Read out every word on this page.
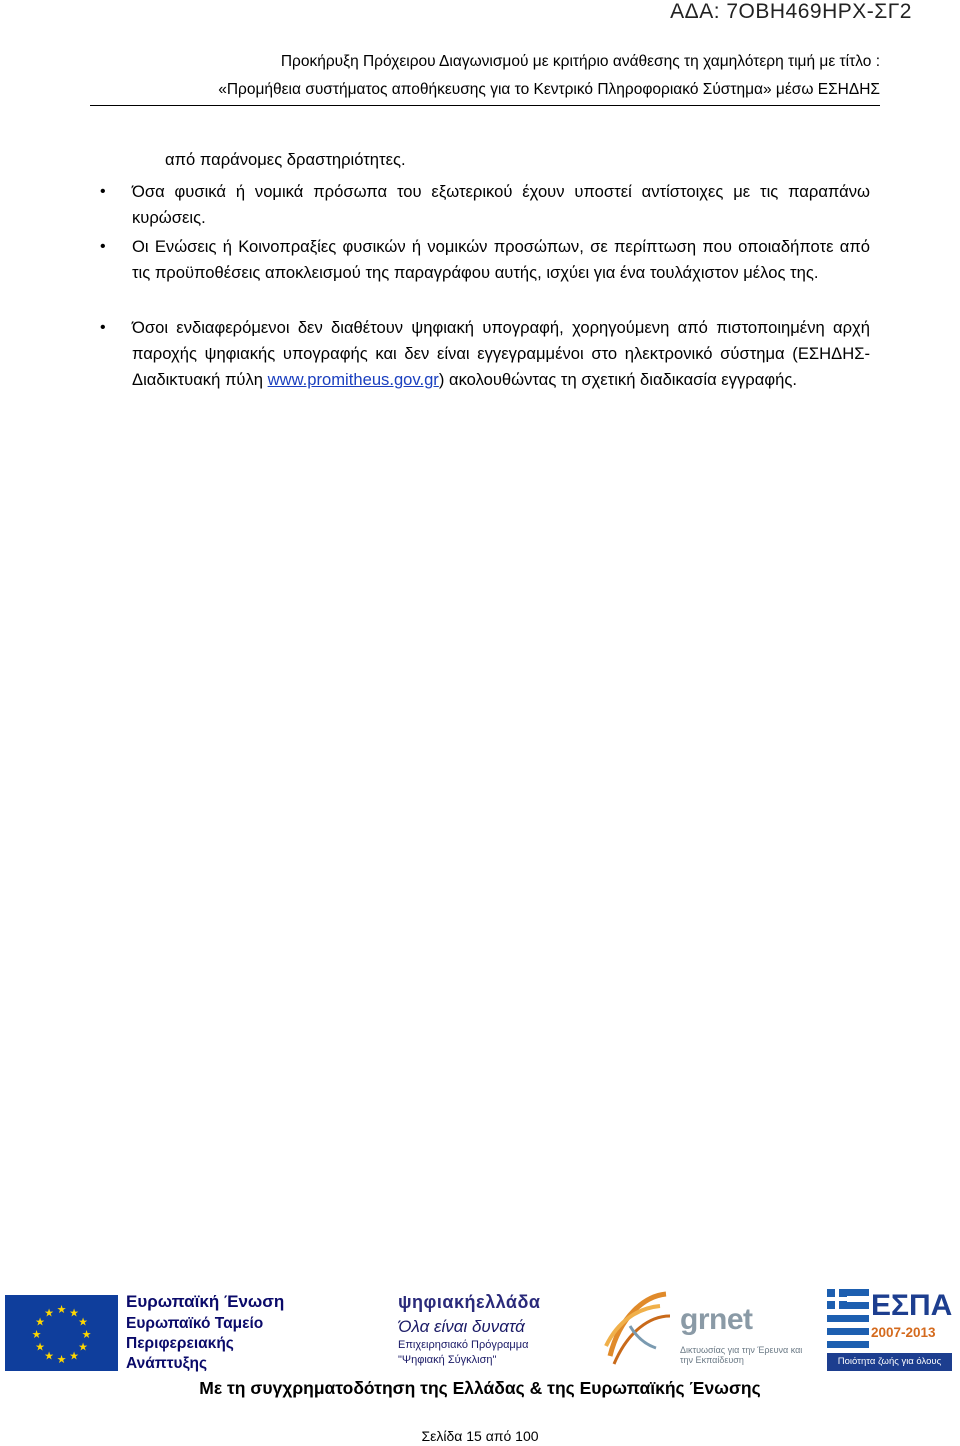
ΑΔΑ: 7ΟΒΗ469ΗΡΧ-ΣΓ2
Προκήρυξη Πρόχειρου Διαγωνισμού με κριτήριο ανάθεσης τη χαμηλότερη τιμή με τίτλο :
«Προμήθεια συστήματος αποθήκευσης για το Κεντρικό Πληροφοριακό Σύστημα» μέσω ΕΣΗΔΗΣ
από παράνομες δραστηριότητες.
• Όσα φυσικά ή νομικά πρόσωπα του εξωτερικού έχουν υποστεί αντίστοιχες με τις παραπάνω κυρώσεις.
• Οι Ενώσεις ή Κοινοπραξίες φυσικών ή νομικών προσώπων, σε περίπτωση που οποιαδήποτε από τις προϋποθέσεις αποκλεισμού της παραγράφου αυτής, ισχύει για ένα τουλάχιστον μέλος της.
• Όσοι ενδιαφερόμενοι δεν διαθέτουν ψηφιακή υπογραφή, χορηγούμενη από πιστοποιημένη αρχή παροχής ψηφιακής υπογραφής και δεν είναι εγγεγραμμένοι στο ηλεκτρονικό σύστημα (ΕΣΗΔΗΣ- Διαδικτυακή πύλη www.promitheus.gov.gr) ακολουθώντας τη σχετική διαδικασία εγγραφής.
★ ★
★
★
★
★
★
★
★
★
★
★
Ευρωπαϊκή Ένωση
Ευρωπαϊκό Ταμείο
Περιφερειακής
Ανάπτυξης
ψηφιακήελλάδα
Όλα είναι δυνατά
Επιχειρησιακό Πρόγραμμα
"Ψηφιακή Σύγκλιση"
grnet
Δικτυωσίας για την Έρευνα και την Εκπαίδευση
ΕΣΠΑ
2007-2013
Ποιότητα ζωής για όλους
Με τη συγχρηματοδότηση της Ελλάδας & της Ευρωπαϊκής Ένωσης
Σελίδα 15 από 100
